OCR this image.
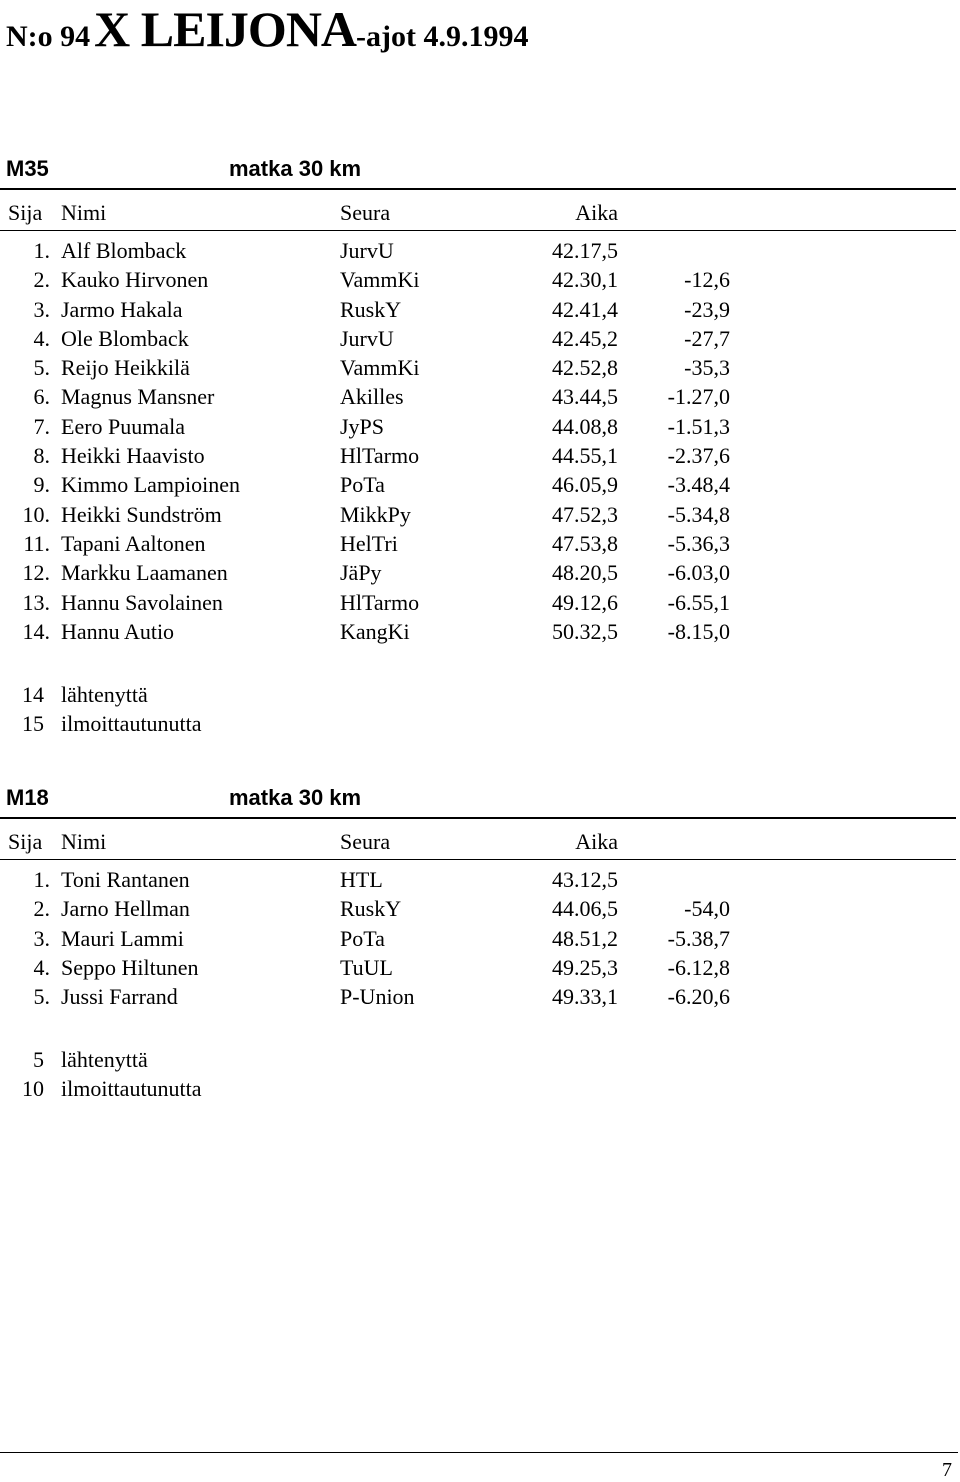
N:o 94 X LEIJONA-ajot 4.9.1994
M35	matka 30 km
Sija Nimi	Seura	Aika
1. Alf Blomback	JurvU	42.17,5
2. Kauko Hirvonen	VammKi	42.30,1	-12,6
3. Jarmo Hakala	RuskY	42.41,4	-23,9
4. Ole Blomback	JurvU	42.45,2	-27,7
5. Reijo Heikkilä	VammKi	42.52,8	-35,3
6. Magnus Mansner	Akilles	43.44,5 -1.27,0
7. Eero Puumala	JyPS	44.08,8 -1.51,3
8. Heikki Haavisto	HlTarmo	44.55,1 -2.37,6
9. Kimmo Lampioinen	PoTa	46.05,9 -3.48,4
10. Heikki Sundström	MikkPy	47.52,3 -5.34,8
11. Tapani Aaltonen	HelTri	47.53,8 -5.36,3
12. Markku Laamanen	JäPy	48.20,5 -6.03,0
13. Hannu Savolainen	HlTarmo	49.12,6 -6.55,1
14. Hannu Autio	KangKi	50.32,5 -8.15,0
14 lähtenyttä
15 ilmoittautunutta
M18	matka 30 km
Sija Nimi	Seura	Aika
1. Toni Rantanen	HTL	43.12,5
2. Jarno Hellman	RuskY	44.06,5	-54,0
3. Mauri Lammi	PoTa	48.51,2 -5.38,7
4. Seppo Hiltunen	TuUL	49.25,3 -6.12,8
5. Jussi Farrand	P-Union	49.33,1 -6.20,6
5 lähtenyttä
10 ilmoittautunutta
7
